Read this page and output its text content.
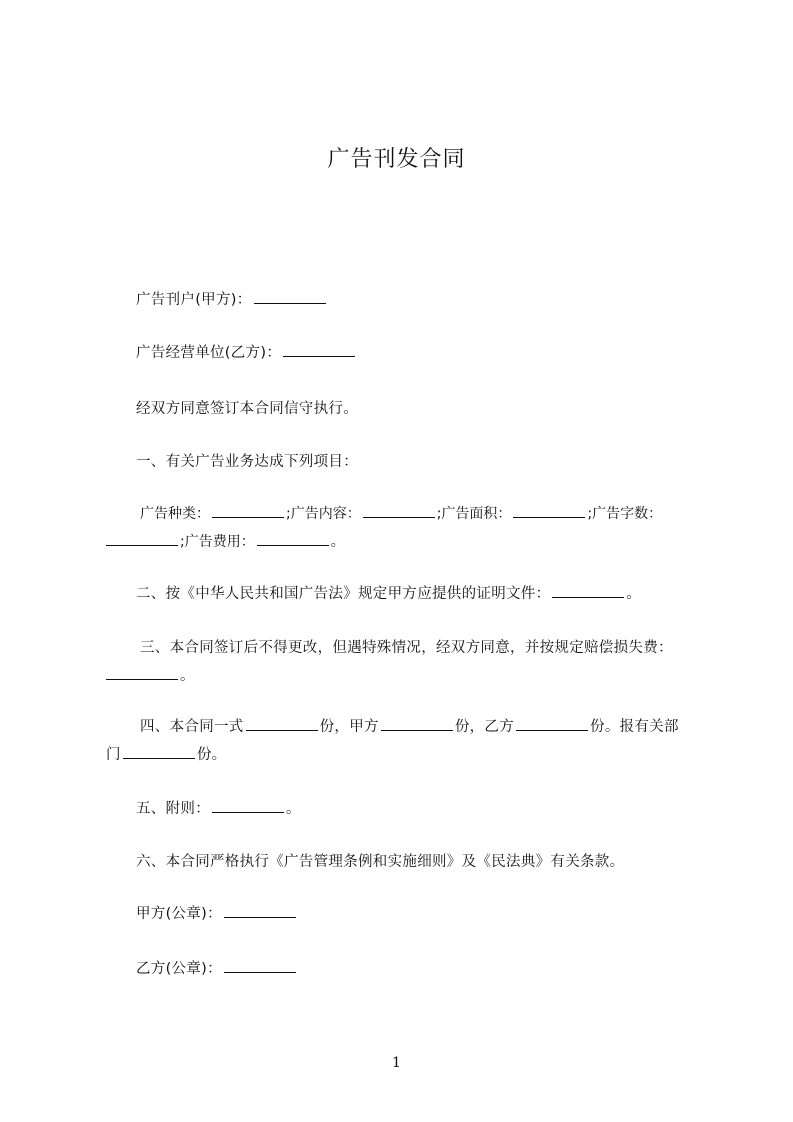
广告刊发合同
广告刊户(甲方)：
广告经营单位(乙方)：
经双方同意签订本合同信守执行。
一、有关广告业务达成下列项目：
广告种类：	;广告内容：	;广告面积：	;广告字数：
;广告费用：	。
二、按《中华人民共和国广告法》规定甲方应提供的证明文件：	。
三、本合同签订后不得更改，但遇特殊情况，经双方同意，并按规定赔偿损失费：
。
四、本合同一式	份，甲方	份，乙方	份。报有关部
门	份。
五、附则：	。
六、本合同严格执行《广告管理条例和实施细则》及《民法典》有关条款。
甲方(公章)：
乙方(公章)：
1
